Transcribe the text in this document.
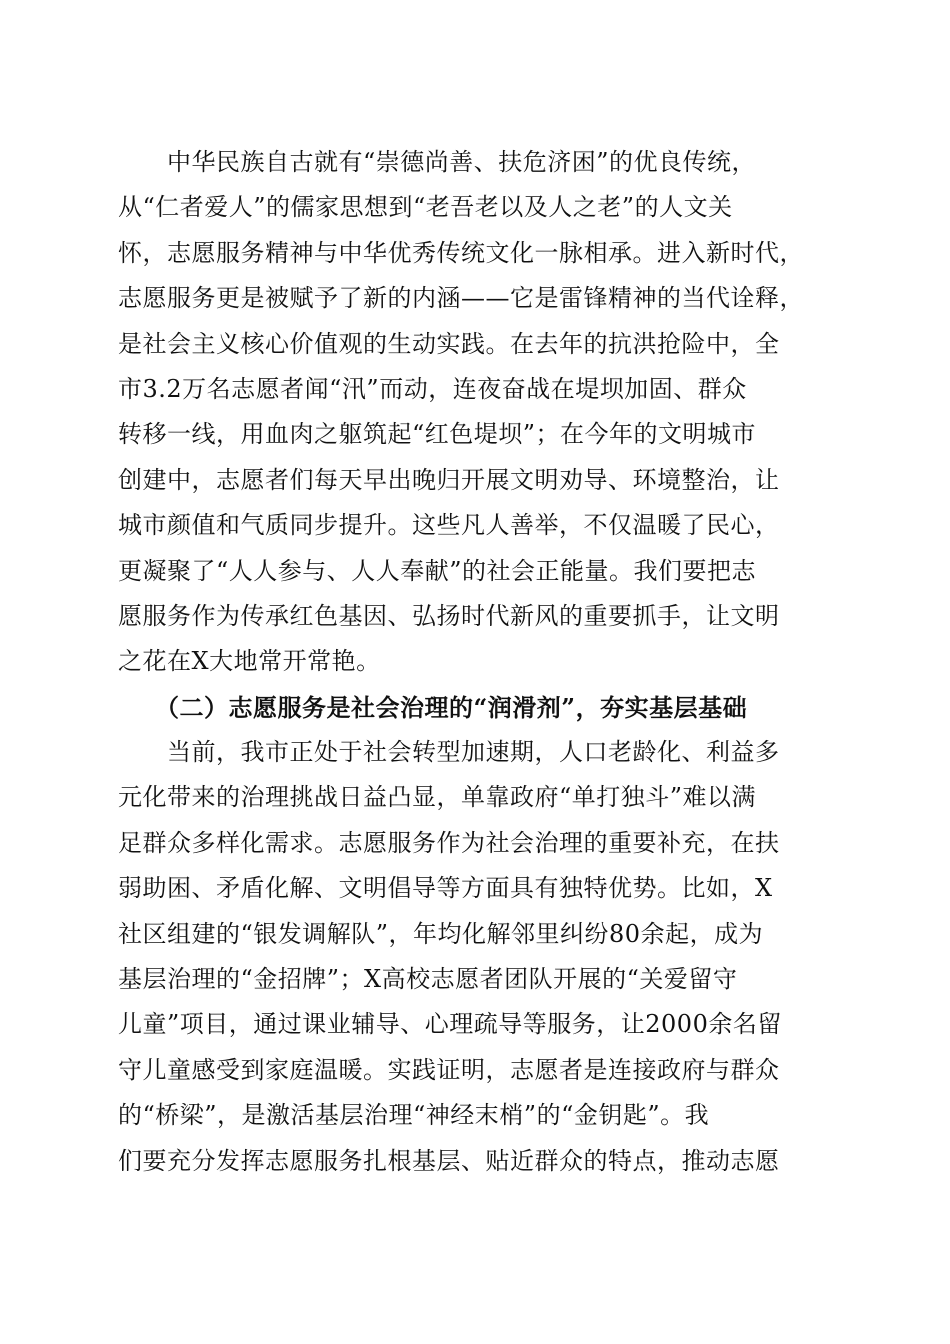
　　中华民族自古就有“崇德尚善、扶危济困”的优良传统，
从“仁者爱人”的儒家思想到“老吾老以及人之老”的人文关
怀，志愿服务精神与中华优秀传统文化一脉相承。进入新时代，
志愿服务更是被赋予了新的内涵——它是雷锋精神的当代诠释，
是社会主义核心价值观的生动实践。在去年的抗洪抢险中，全
市3.2万名志愿者闻“汛”而动，连夜奋战在堤坝加固、群众
转移一线，用血肉之躯筑起“红色堤坝”；在今年的文明城市
创建中，志愿者们每天早出晚归开展文明劝导、环境整治，让
城市颜值和气质同步提升。这些凡人善举，不仅温暖了民心，
更凝聚了“人人参与、人人奉献”的社会正能量。我们要把志
愿服务作为传承红色基因、弘扬时代新风的重要抓手，让文明
之花在X大地常开常艳。
　　（二）志愿服务是社会治理的“润滑剂”，夯实基层基础
　　当前，我市正处于社会转型加速期，人口老龄化、利益多
元化带来的治理挑战日益凸显，单靠政府“单打独斗”难以满
足群众多样化需求。志愿服务作为社会治理的重要补充，在扶
弱助困、矛盾化解、文明倡导等方面具有独特优势。比如，X
社区组建的“银发调解队”，年均化解邻里纠纷80余起，成为
基层治理的“金招牌”；X高校志愿者团队开展的“关爱留守
儿童”项目，通过课业辅导、心理疏导等服务，让2000余名留
守儿童感受到家庭温暖。实践证明，志愿者是连接政府与群众
的“桥梁”，是激活基层治理“神经末梢”的“金钥匙”。我
们要充分发挥志愿服务扎根基层、贴近群众的特点，推动志愿
